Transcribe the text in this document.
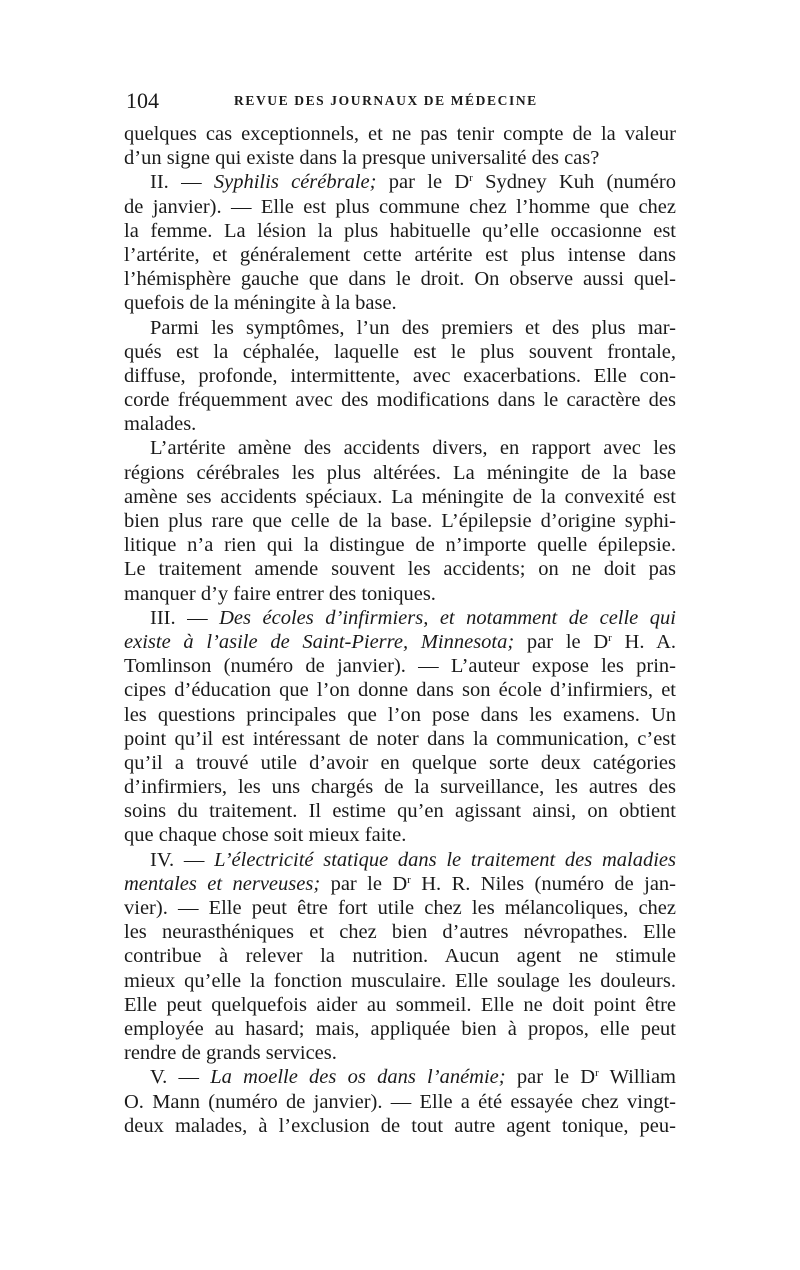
104	REVUE DES JOURNAUX DE MÉDECINE
quelques cas exceptionnels, et ne pas tenir compte de la valeur
d’un signe qui existe dans la presque universalité des cas?
II. — Syphilis cérébrale; par le $D^r$ Sydney Kuh (numéro
de janvier). — Elle est plus commune chez l’homme que chez
la femme. La lésion la plus habituelle qu’elle occasionne est
l’artérite, et généralement cette artérite est plus intense dans
l’hémisphère gauche que dans le droit. On observe aussi quel-
quefois de la méningite à la base.
Parmi les symptômes, l’un des premiers et des plus mar-
qués est la céphalée, laquelle est le plus souvent frontale,
diffuse, profonde, intermittente, avec exacerbations. Elle con-
corde fréquemment avec des modifications dans le caractère des
malades.
L’artérite amène des accidents divers, en rapport avec les
régions cérébrales les plus altérées. La méningite de la base
amène ses accidents spéciaux. La méningite de la convexité est
bien plus rare que celle de la base. L’épilepsie d’origine syphi-
litique n’a rien qui la distingue de n’importe quelle épilepsie.
Le traitement amende souvent les accidents; on ne doit pas
manquer d’y faire entrer des toniques.
III. — Des écoles d’infirmiers, et notamment de celle qui
existe à l’asile de Saint-Pierre, Minnesota; par le $D^r$ H. A.
Tomlinson (numéro de janvier). — L’auteur expose les prin-
cipes d’éducation que l’on donne dans son école d’infirmiers, et
les questions principales que l’on pose dans les examens. Un
point qu’il est intéressant de noter dans la communication, c’est
qu’il a trouvé utile d’avoir en quelque sorte deux catégories
d’infirmiers, les uns chargés de la surveillance, les autres des
soins du traitement. Il estime qu’en agissant ainsi, on obtient
que chaque chose soit mieux faite.
IV. — L’électricité statique dans le traitement des maladies
mentales et nerveuses; par le $D^r$ H. R. Niles (numéro de jan-
vier). — Elle peut être fort utile chez les mélancoliques, chez
les neurasthéniques et chez bien d’autres névropathes. Elle
contribue à relever la nutrition. Aucun agent ne stimule
mieux qu’elle la fonction musculaire. Elle soulage les douleurs.
Elle peut quelquefois aider au sommeil. Elle ne doit point être
employée au hasard; mais, appliquée bien à propos, elle peut
rendre de grands services.
V. — La moelle des os dans l’anémie; par le $D^r$ William
O. Mann (numéro de janvier). — Elle a été essayée chez vingt-
deux malades, à l’exclusion de tout autre agent tonique, peu-
